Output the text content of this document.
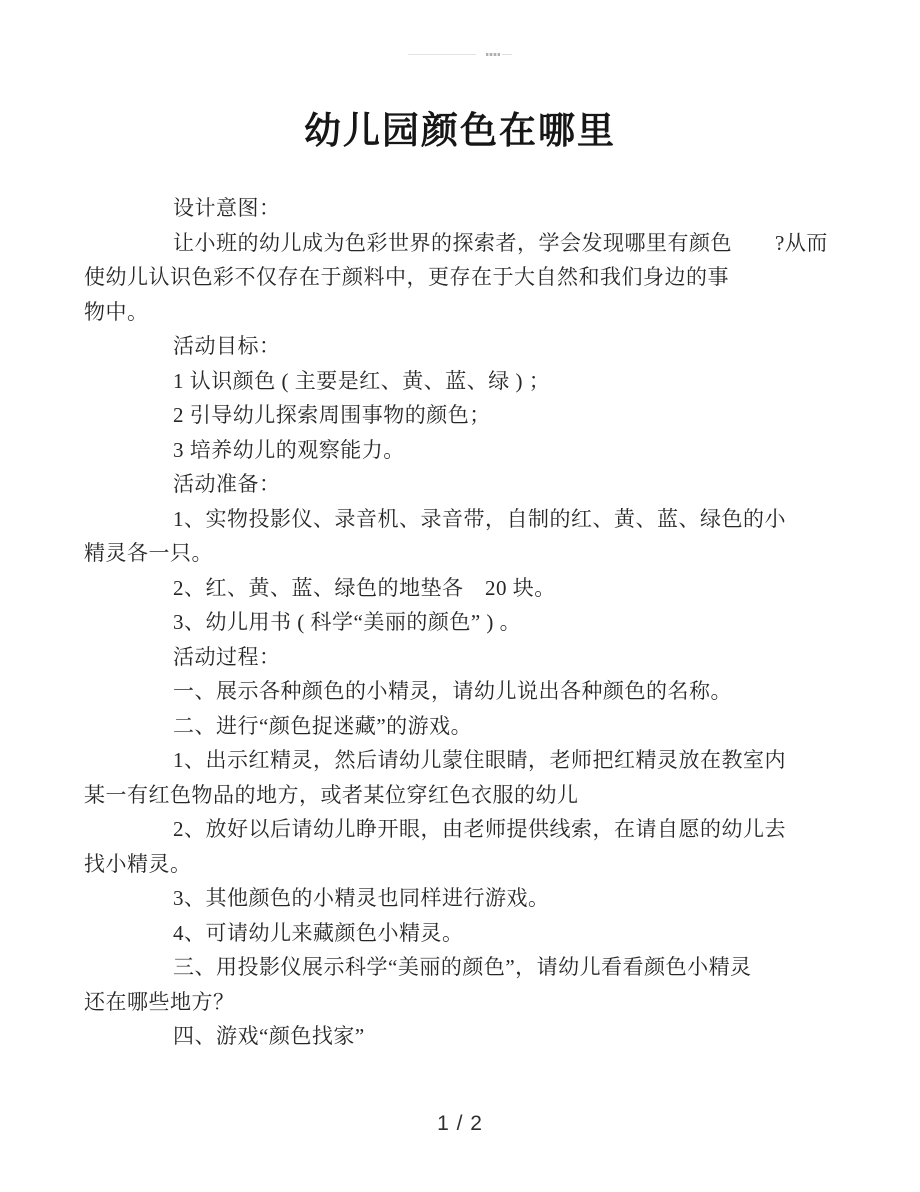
幼儿园颜色在哪里
设计意图：
让小班的幼儿成为色彩世界的探索者，学会发现哪里有颜色　　?从而
使幼儿认识色彩不仅存在于颜料中，更存在于大自然和我们身边的事
物中。
活动目标：
1 认识颜色 ( 主要是红、黄、蓝、绿 ) ；
2 引导幼儿探索周围事物的颜色；
3 培养幼儿的观察能力。
活动准备：
1、实物投影仪、录音机、录音带，自制的红、黄、蓝、绿色的小
精灵各一只。
2、红、黄、蓝、绿色的地垫各　20 块。
3、幼儿用书 ( 科学“美丽的颜色” ) 。
活动过程：
一、展示各种颜色的小精灵，请幼儿说出各种颜色的名称。
二、进行“颜色捉迷藏”的游戏。
1、出示红精灵，然后请幼儿蒙住眼睛，老师把红精灵放在教室内
某一有红色物品的地方，或者某位穿红色衣服的幼儿
2、放好以后请幼儿睁开眼，由老师提供线索，在请自愿的幼儿去
找小精灵。
3、其他颜色的小精灵也同样进行游戏。
4、可请幼儿来藏颜色小精灵。
三、用投影仪展示科学“美丽的颜色”，请幼儿看看颜色小精灵
还在哪些地方？
四、游戏“颜色找家”
1 / 2
